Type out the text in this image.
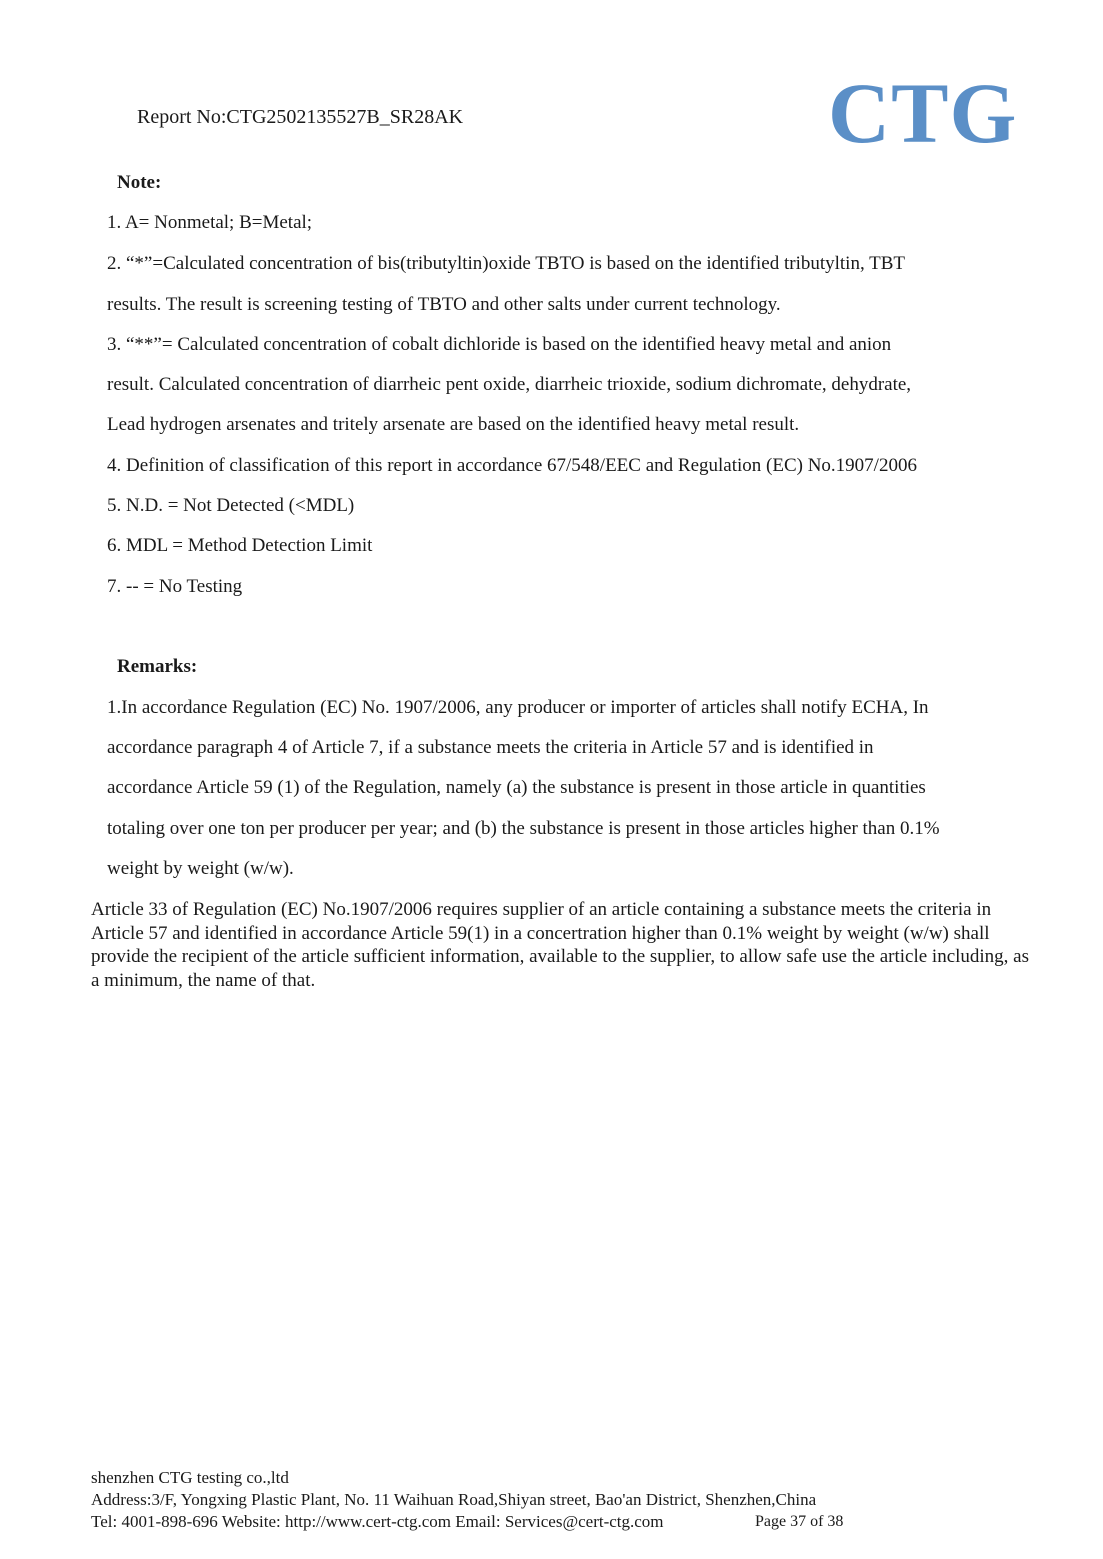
Report No:CTG2502135527B_SR28AK	CTG
Note:
1. A= Nonmetal; B=Metal;
2. “*”=Calculated concentration of bis(tributyltin)oxide TBTO is based on the identified tributyltin, TBT
results. The result is screening testing of TBTO and other salts under current technology.
3. “**”= Calculated concentration of cobalt dichloride is based on the identified heavy metal and anion
result. Calculated concentration of diarrheic pent oxide, diarrheic trioxide, sodium dichromate, dehydrate,
Lead hydrogen arsenates and tritely arsenate are based on the identified heavy metal result.
4. Definition of classification of this report in accordance 67/548/EEC and Regulation (EC) No.1907/2006
5. N.D. = Not Detected (<MDL)
6. MDL = Method Detection Limit
7. -- = No Testing
Remarks:
1.In accordance Regulation (EC) No. 1907/2006, any producer or importer of articles shall notify ECHA, In
accordance paragraph 4 of Article 7, if a substance meets the criteria in Article 57 and is identified in
accordance Article 59 (1) of the Regulation, namely (a) the substance is present in those article in quantities
totaling over one ton per producer per year; and (b) the substance is present in those articles higher than 0.1%
weight by weight (w/w).
Article 33 of Regulation (EC) No.1907/2006 requires supplier of an article containing a substance meets the criteria in Article 57 and identified in accordance Article 59(1) in a concertration higher than 0.1% weight by weight (w/w) shall provide the recipient of the article sufficient information, available to the supplier, to allow safe use the article including, as a minimum, the name of that.
shenzhen CTG testing co.,ltd
Address:3/F, Yongxing Plastic Plant, No. 11 Waihuan Road,Shiyan street, Bao'an District, Shenzhen,China
Tel: 4001-898-696 Website: http://www.cert-ctg.com Email: Services@cert-ctg.com	Page 37 of 38
